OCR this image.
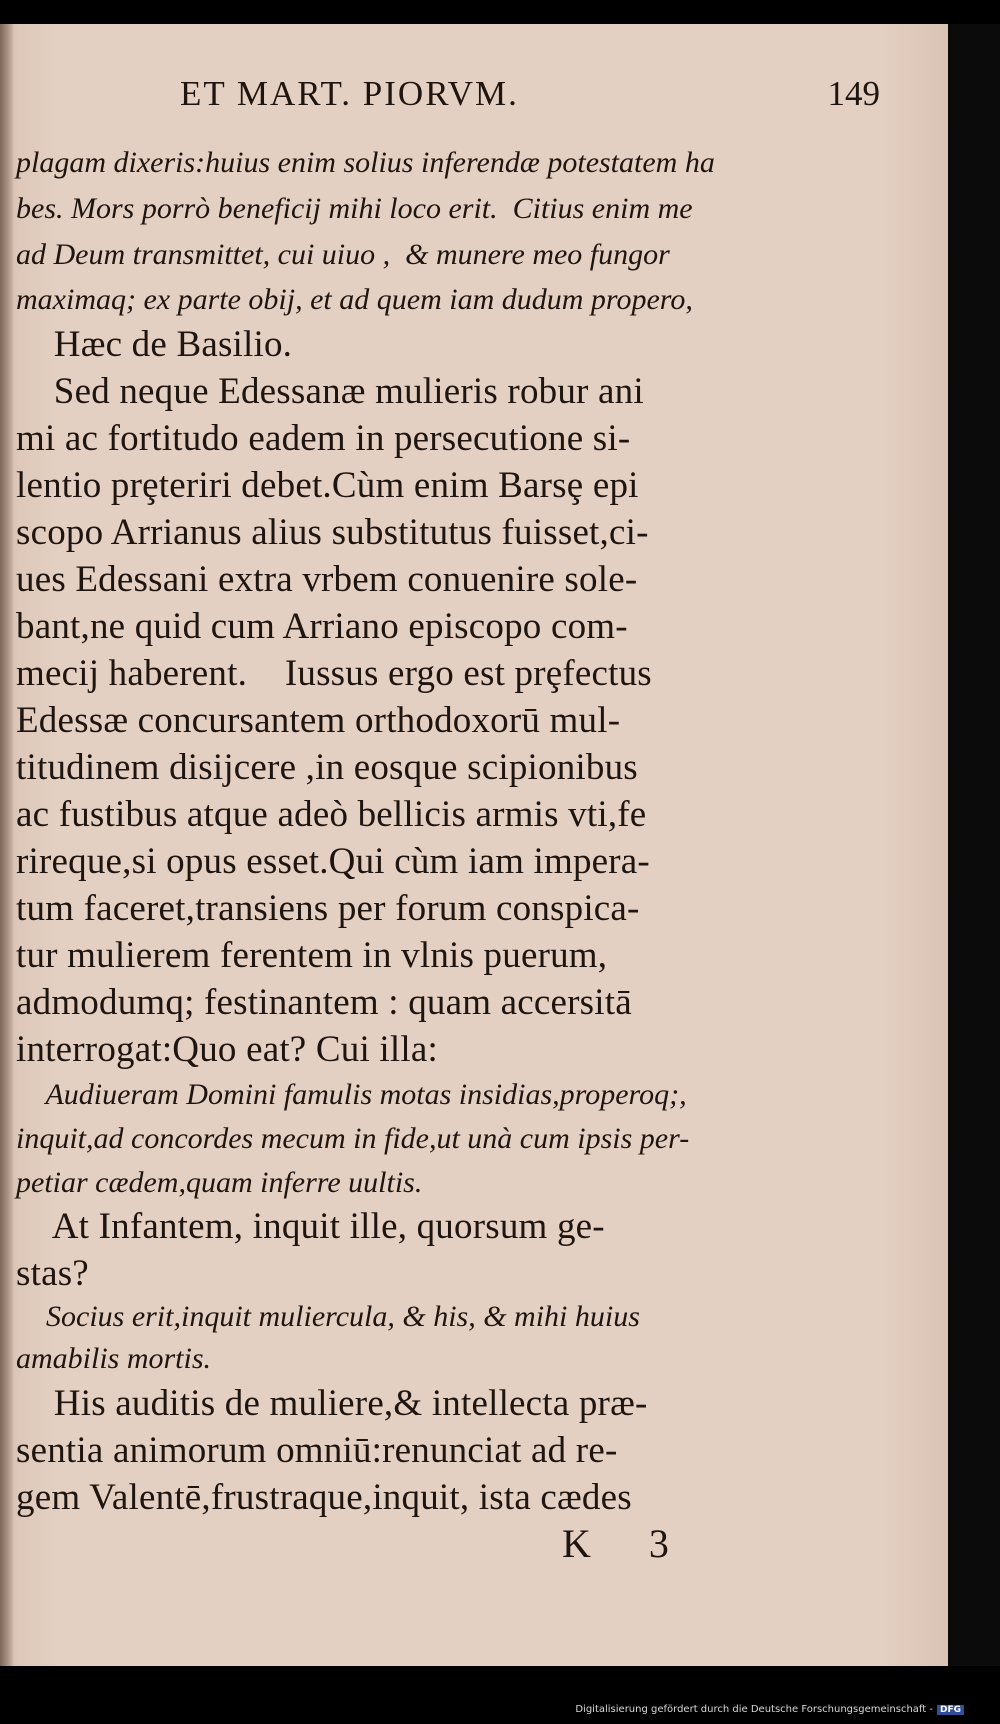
ET MART. PIORVM.	149
plagam dixeris:huius enim solius inferendæ potestatem ha
bes. Mors porrò beneficij mihi loco erit.  Citius enim me
ad Deum transmittet, cui uiuo ,  & munere meo fungor
maximaq; ex parte obij, et ad quem iam dudum propero,
Hæc de Basilio.
Sed neque Edessanæ mulieris robur ani
mi ac fortitudo eadem in persecutione si-
lentio prȩteriri debet.Cùm enim Barsȩ epi
scopo Arrianus alius substitutus fuisset,ci-
ues Edessani extra vrbem conuenire sole-
bant,ne quid cum Arriano episcopo com-
mecij haberent.    Iussus ergo est prȩfectus
Edessæ concursantem orthodoxorū mul-
titudinem disijcere ,in eosque scipionibus
ac fustibus atque adeò bellicis armis vti,fe
rireque,si opus esset.Qui cùm iam impera-
tum faceret,transiens per forum conspica-
tur mulierem ferentem in vlnis puerum,
admodumq; festinantem : quam accersitā
interrogat:Quo eat? Cui illa:
Audiueram Domini famulis motas insidias,properoq;,
inquit,ad concordes mecum in fide,ut unà cum ipsis per-
petiar cædem,quam inferre uultis.
At Infantem, inquit ille, quorsum ge-
stas?
Socius erit,inquit muliercula, & his, & mihi huius
amabilis mortis.
His auditis de muliere,& intellecta præ-
sentia animorum omniū:renunciat ad re-
gem Valentē,frustraque,inquit, ista cædes
K 3
Digitalisierung gefördert durch die Deutsche Forschungsgemeinschaft - DFG
